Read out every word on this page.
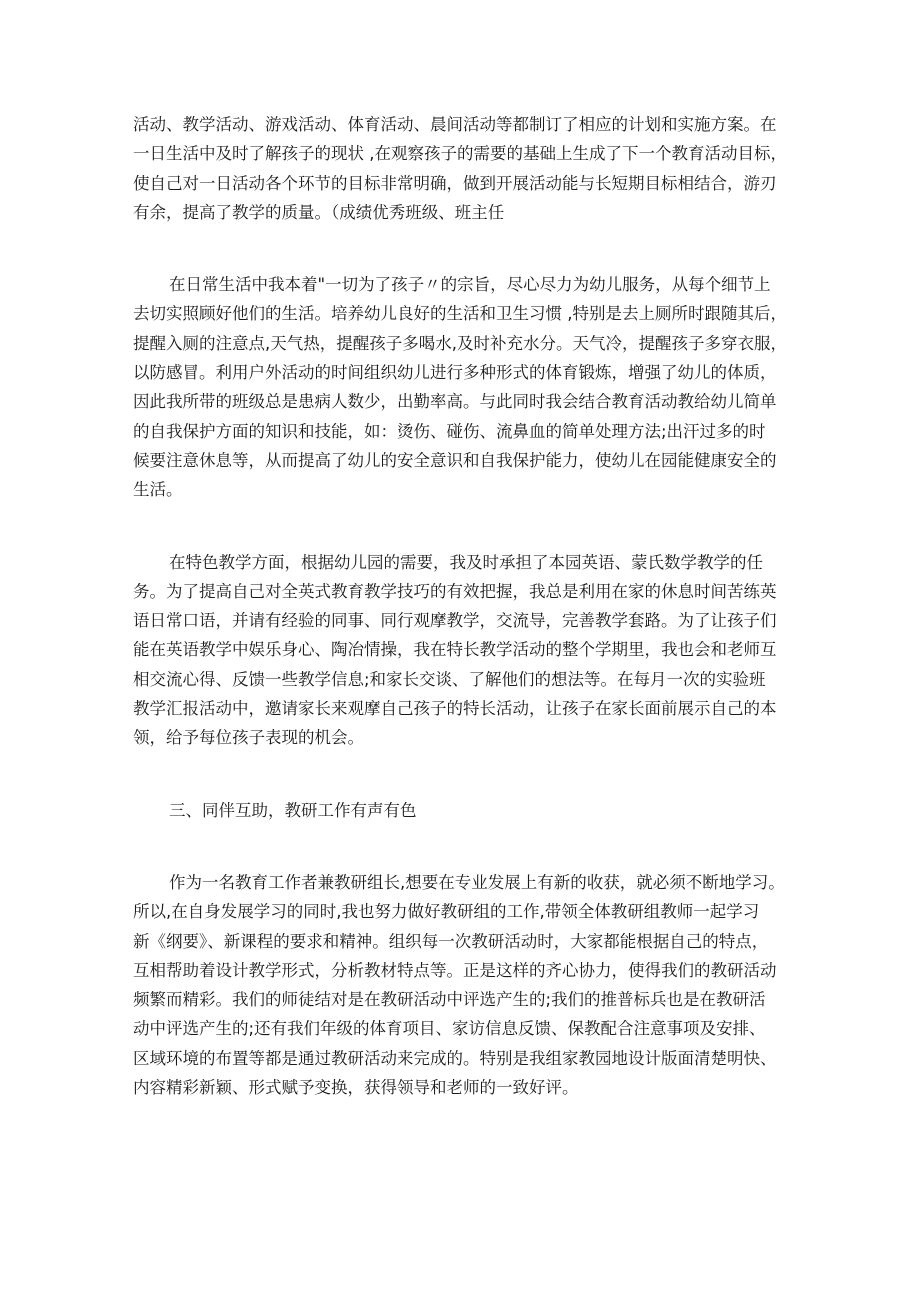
活动、教学活动、游戏活动、体育活动、晨间活动等都制订了相应的计划和实施方案。在
一日生活中及时了解孩子的现状 ,在观察孩子的需要的基础上生成了下一个教育活动目标，
使自己对一日活动各个环节的目标非常明确，做到开展活动能与长短期目标相结合，游刃
有余，提高了教学的质量。（成绩优秀班级、班主任

在日常生活中我本着"一切为了孩子〃的宗旨，尽心尽力为幼儿服务，从每个细节上
去切实照顾好他们的生活。培养幼儿良好的生活和卫生习惯 ,特别是去上厕所时跟随其后，
提醒入厕的注意点,天气热，提醒孩子多喝水,及时补充水分。天气冷，提醒孩子多穿衣服，
以防感冒。利用户外活动的时间组织幼儿进行多种形式的体育锻炼，增强了幼儿的体质，
因此我所带的班级总是患病人数少，出勤率高。与此同时我会结合教育活动教给幼儿简单
的自我保护方面的知识和技能，如：烫伤、碰伤、流鼻血的简单处理方法;出汗过多的时
候要注意休息等，从而提高了幼儿的安全意识和自我保护能力，使幼儿在园能健康安全的
生活。

在特色教学方面，根据幼儿园的需要，我及时承担了本园英语、蒙氏数学教学的任
务。为了提高自己对全英式教育教学技巧的有效把握，我总是利用在家的休息时间苦练英
语日常口语，并请有经验的同事、同行观摩教学，交流导，完善教学套路。为了让孩子们
能在英语教学中娱乐身心、陶冶情操，我在特长教学活动的整个学期里，我也会和老师互
相交流心得、反馈一些教学信息;和家长交谈、了解他们的想法等。在每月一次的实验班
教学汇报活动中，邀请家长来观摩自己孩子的特长活动，让孩子在家长面前展示自己的本
领，给予每位孩子表现的机会。

三、同伴互助，教研工作有声有色

作为一名教育工作者兼教研组长,想要在专业发展上有新的收获，就必须不断地学习。
所以,在自身发展学习的同时,我也努力做好教研组的工作,带领全体教研组教师一起学习
新《纲要》、新课程的要求和精神。组织每一次教研活动时，大家都能根据自己的特点，
互相帮助着设计教学形式，分析教材特点等。正是这样的齐心协力，使得我们的教研活动
频繁而精彩。我们的师徒结对是在教研活动中评选产生的;我们的推普标兵也是在教研活
动中评选产生的;还有我们年级的体育项目、家访信息反馈、保教配合注意事项及安排、
区域环境的布置等都是通过教研活动来完成的。特别是我组家教园地设计版面清楚明快、
内容精彩新颖、形式赋予变换，获得领导和老师的一致好评。
